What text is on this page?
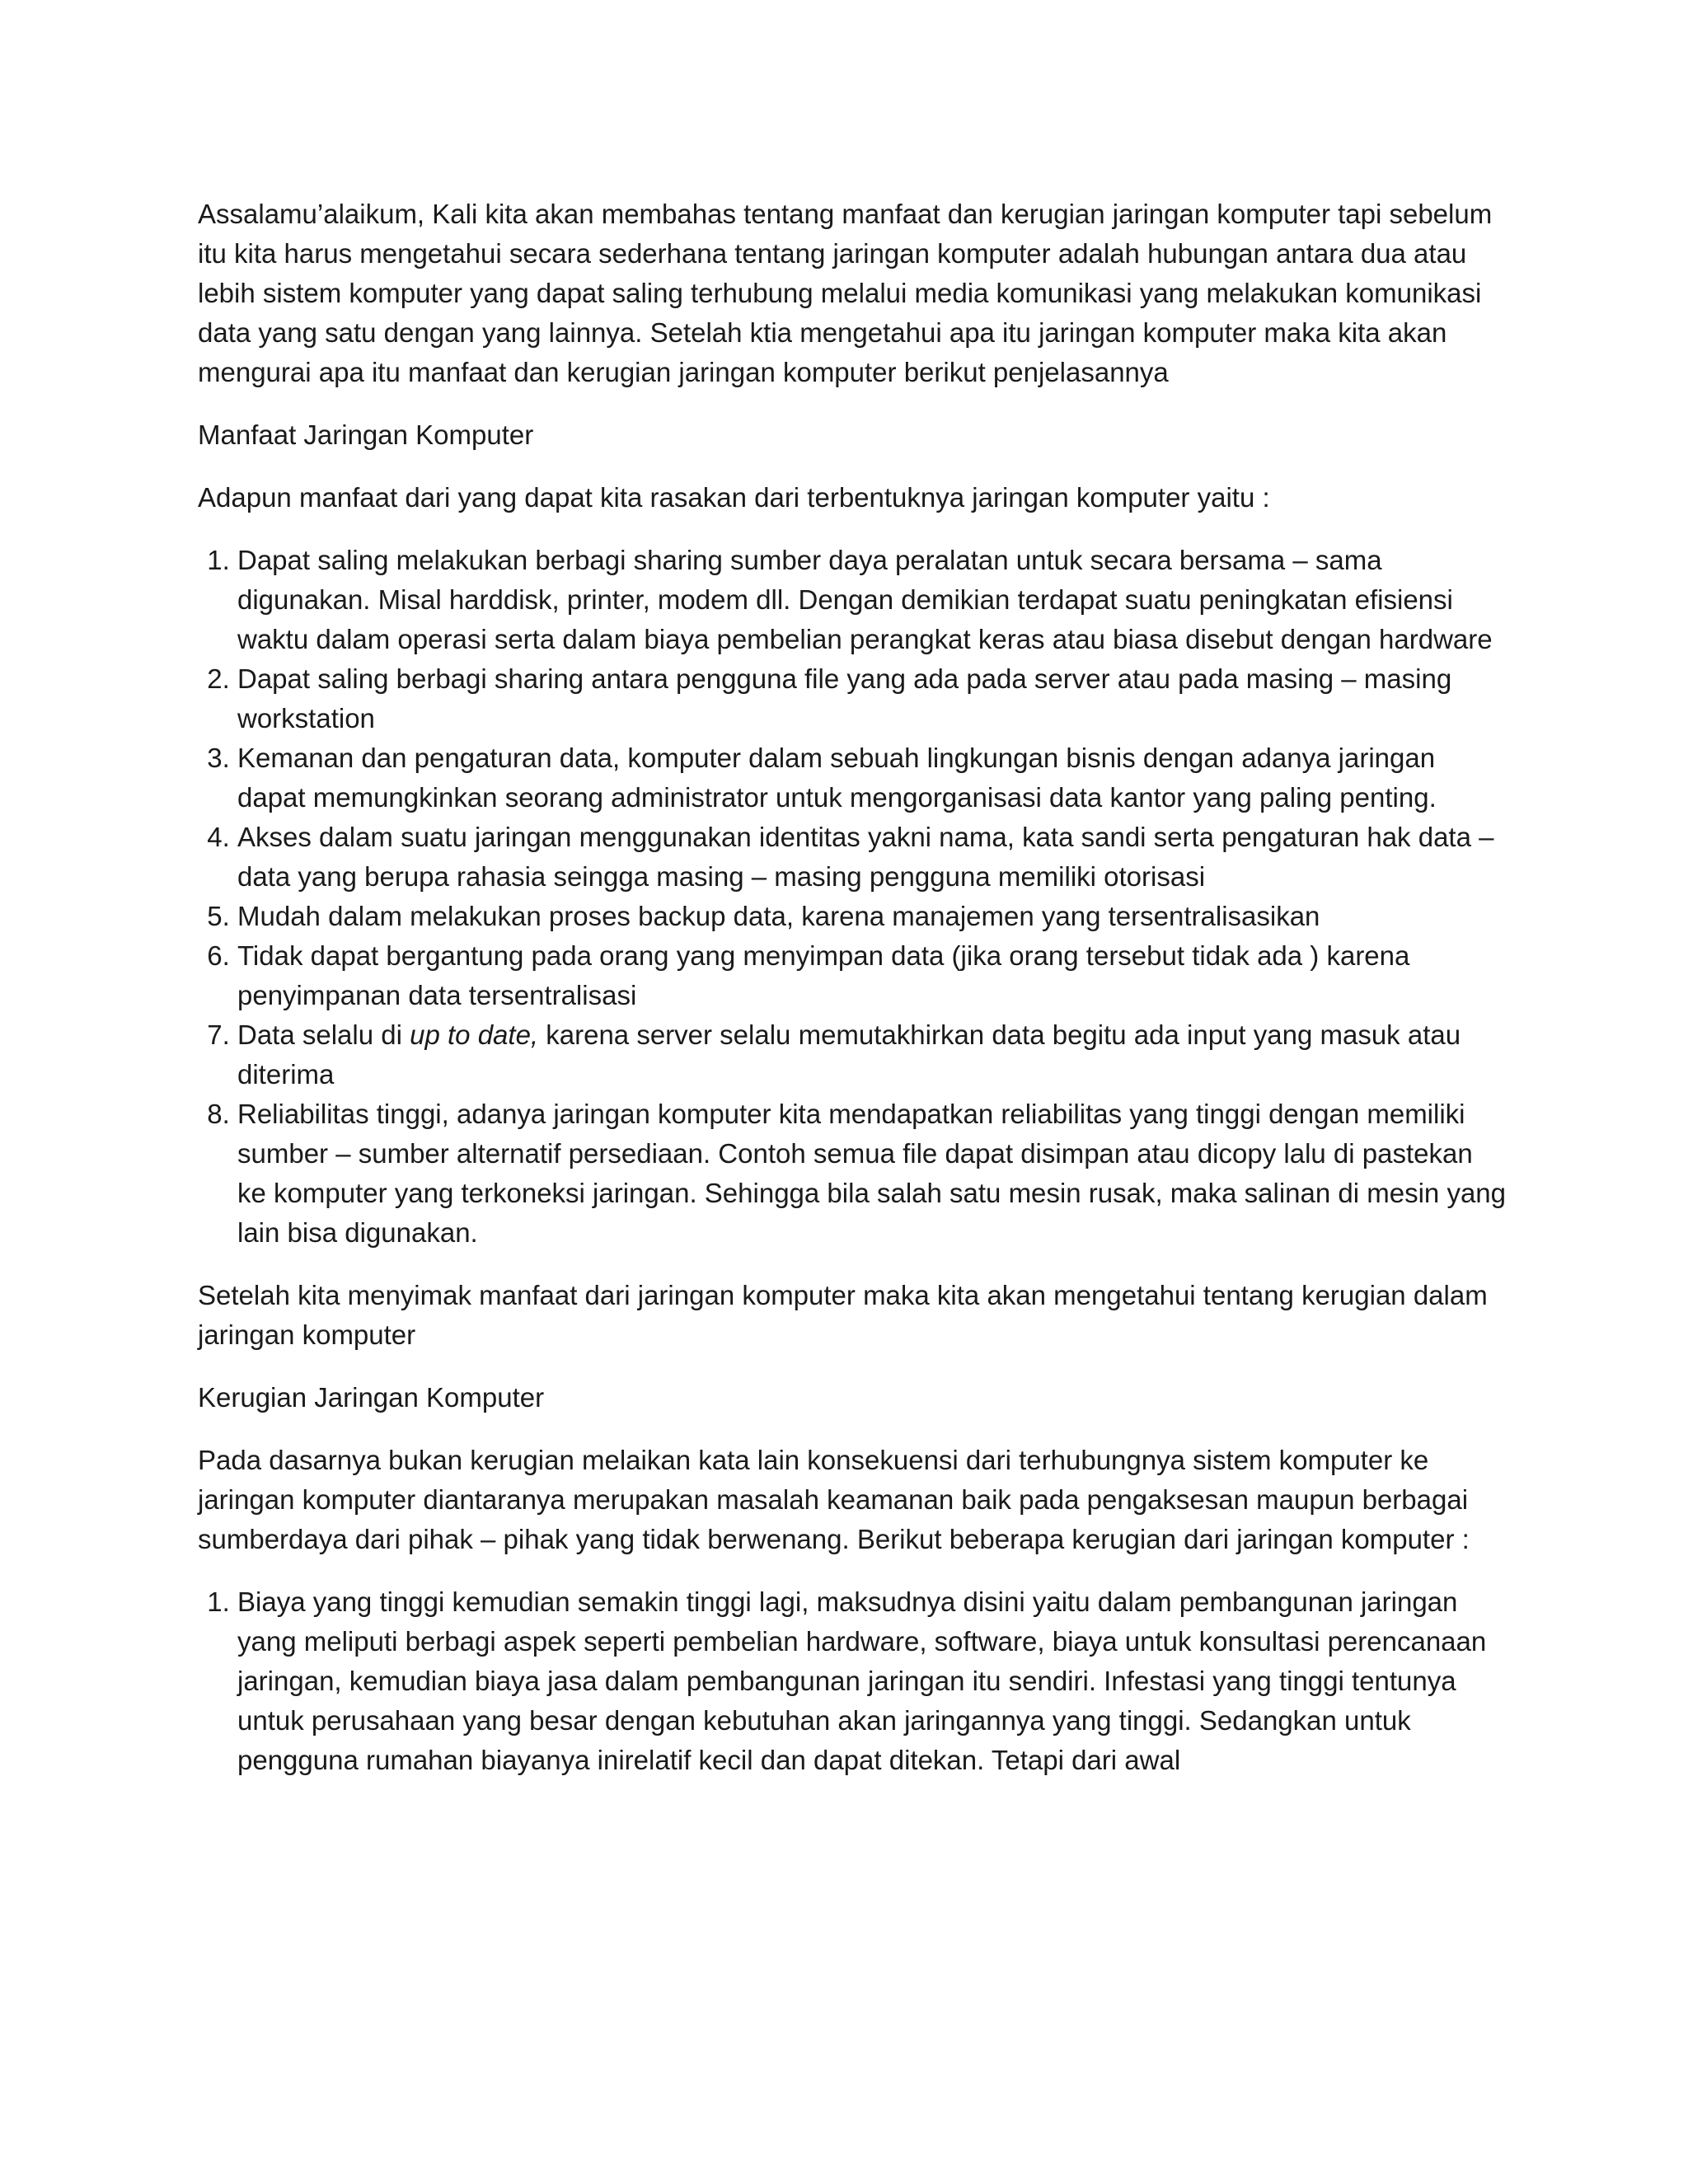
Assalamu’alaikum, Kali kita akan membahas tentang manfaat dan kerugian jaringan komputer tapi sebelum itu kita harus mengetahui secara sederhana tentang jaringan komputer adalah hubungan antara dua atau lebih sistem komputer yang dapat saling terhubung melalui media komunikasi yang melakukan komunikasi data yang satu dengan yang lainnya. Setelah ktia mengetahui apa itu jaringan komputer maka kita akan mengurai apa itu manfaat dan kerugian jaringan komputer berikut penjelasannya

Manfaat Jaringan Komputer

Adapun manfaat dari yang dapat kita rasakan dari terbentuknya jaringan komputer yaitu :

1. Dapat saling melakukan berbagi sharing sumber daya peralatan untuk secara bersama – sama digunakan. Misal harddisk, printer, modem dll. Dengan demikian terdapat suatu peningkatan efisiensi waktu dalam operasi serta dalam biaya pembelian perangkat keras atau biasa disebut dengan hardware
2. Dapat saling berbagi sharing antara pengguna file yang ada pada server atau pada masing – masing workstation
3. Kemanan dan pengaturan data, komputer dalam sebuah lingkungan bisnis dengan adanya jaringan dapat memungkinkan seorang administrator untuk mengorganisasi data kantor yang paling penting.
4. Akses dalam suatu jaringan menggunakan identitas yakni nama, kata sandi serta pengaturan hak data – data yang berupa rahasia seingga masing – masing pengguna memiliki otorisasi
5. Mudah dalam melakukan proses backup data, karena manajemen yang tersentralisasikan
6. Tidak dapat bergantung pada orang yang menyimpan data (jika orang tersebut tidak ada ) karena penyimpanan data tersentralisasi
7. Data selalu di up to date, karena server selalu memutakhirkan data begitu ada input yang masuk atau diterima
8. Reliabilitas tinggi, adanya jaringan komputer kita mendapatkan reliabilitas yang tinggi dengan memiliki sumber – sumber alternatif persediaan. Contoh semua file dapat disimpan atau dicopy lalu di pastekan ke komputer yang terkoneksi jaringan. Sehingga bila salah satu mesin rusak, maka salinan di mesin yang lain bisa digunakan.

Setelah kita menyimak manfaat dari jaringan komputer maka kita akan mengetahui tentang kerugian dalam jaringan komputer

Kerugian Jaringan Komputer

Pada dasarnya bukan kerugian melaikan kata lain konsekuensi dari terhubungnya sistem komputer ke jaringan komputer diantaranya merupakan masalah keamanan baik pada pengaksesan maupun berbagai sumberdaya dari pihak – pihak yang tidak berwenang. Berikut beberapa kerugian dari jaringan komputer :

1. Biaya yang tinggi kemudian semakin tinggi lagi, maksudnya disini yaitu dalam pembangunan jaringan yang meliputi berbagi aspek seperti pembelian hardware, software, biaya untuk konsultasi perencanaan jaringan, kemudian biaya jasa dalam pembangunan jaringan itu sendiri. Infestasi yang tinggi tentunya untuk perusahaan yang besar dengan kebutuhan akan jaringannya yang tinggi. Sedangkan untuk pengguna rumahan biayanya inirelatif kecil dan dapat ditekan. Tetapi dari awal
